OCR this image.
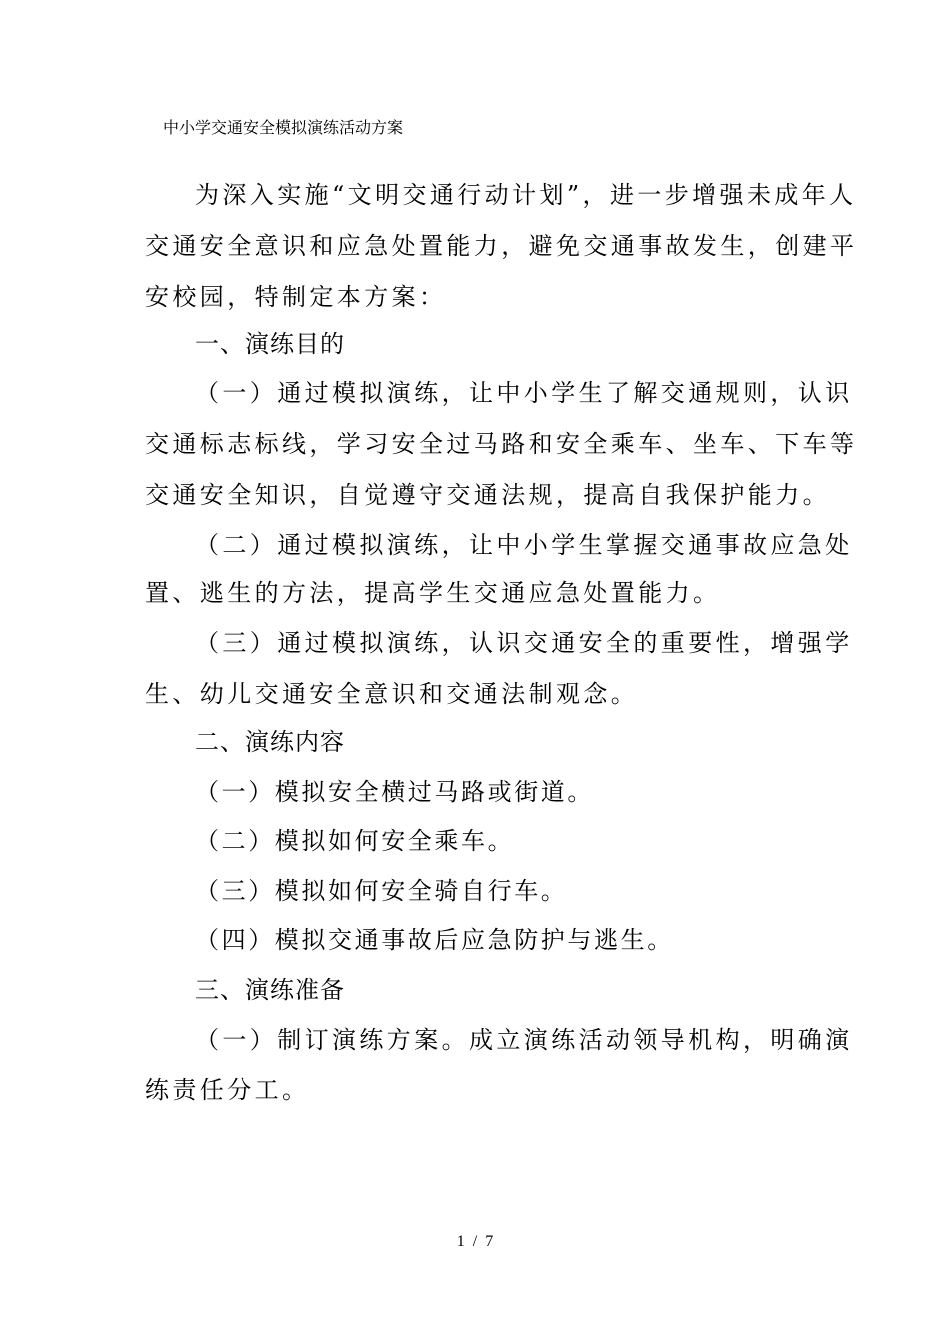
中小学交通安全模拟演练活动方案
为深入实施“文明交通行动计划”，进一步增强未成年人
交通安全意识和应急处置能力，避免交通事故发生，创建平
安校园，特制定本方案：
一、演练目的
（一）通过模拟演练，让中小学生了解交通规则，认识
交通标志标线，学习安全过马路和安全乘车、坐车、下车等
交通安全知识，自觉遵守交通法规，提高自我保护能力。
（二）通过模拟演练，让中小学生掌握交通事故应急处
置、逃生的方法，提高学生交通应急处置能力。
（三）通过模拟演练，认识交通安全的重要性，增强学
生、幼儿交通安全意识和交通法制观念。
二、演练内容
（一）模拟安全横过马路或街道。
（二）模拟如何安全乘车。
（三）模拟如何安全骑自行车。
（四）模拟交通事故后应急防护与逃生。
三、演练准备
（一）制订演练方案。成立演练活动领导机构，明确演
练责任分工。
1 / 7
